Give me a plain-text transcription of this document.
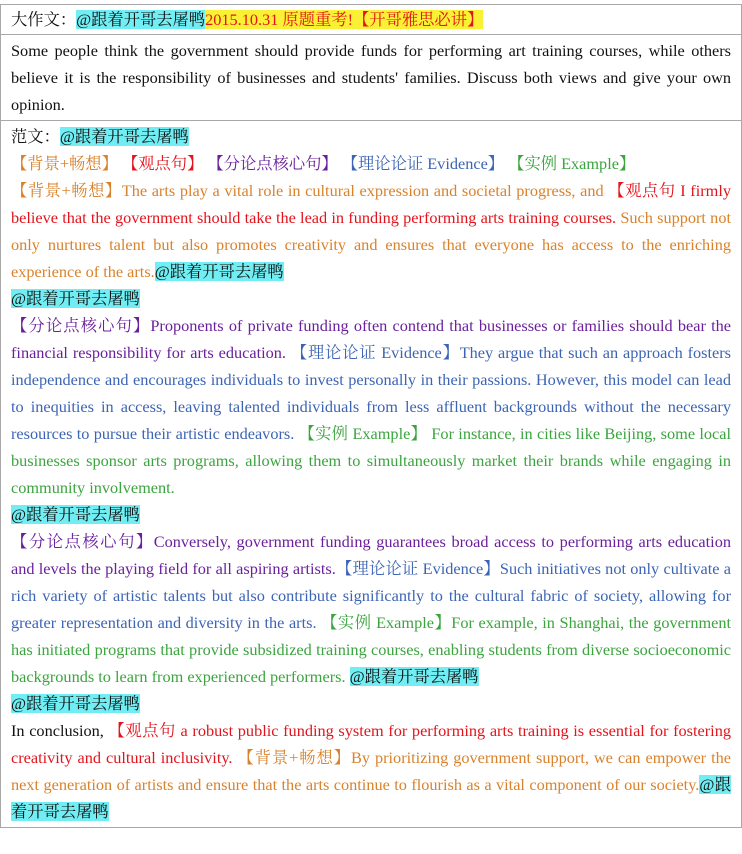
大作文：@跟着开哥去屠鸭2015.10.31 原题重考!【开哥雅思必讲】
Some people think the government should provide funds for performing art training courses, while others believe it is the responsibility of businesses and students' families. Discuss both views and give your own opinion.

范文：@跟着开哥去屠鸭

【背景+畅想】 【观点句】 【分论点核心句】 【理论论证 Evidence】 【实例 Example】

【背景+畅想】The arts play a vital role in cultural expression and societal progress, and 【观点句 I firmly believe that the government should take the lead in funding performing arts training courses. Such support not only nurtures talent but also promotes creativity and ensures that everyone has access to the enriching experience of the arts.@跟着开哥去屠鸭

@跟着开哥去屠鸭

【分论点核心句】Proponents of private funding often contend that businesses or families should bear the financial responsibility for arts education. 【理论论证 Evidence】They argue that such an approach fosters independence and encourages individuals to invest personally in their passions. However, this model can lead to inequities in access, leaving talented individuals from less affluent backgrounds without the necessary resources to pursue their artistic endeavors. 【实例 Example】 For instance, in cities like Beijing, some local businesses sponsor arts programs, allowing them to simultaneously market their brands while engaging in community involvement.

@跟着开哥去屠鸭

【分论点核心句】Conversely, government funding guarantees broad access to performing arts education and levels the playing field for all aspiring artists.【理论论证 Evidence】Such initiatives not only cultivate a rich variety of artistic talents but also contribute significantly to the cultural fabric of society, allowing for greater representation and diversity in the arts. 【实例 Example】For example, in Shanghai, the government has initiated programs that provide subsidized training courses, enabling students from diverse socioeconomic backgrounds to learn from experienced performers. @跟着开哥去屠鸭

@跟着开哥去屠鸭

In conclusion, 【观点句 a robust public funding system for performing arts training is essential for fostering creativity and cultural inclusivity. 【背景+畅想】By prioritizing government support, we can empower the next generation of artists and ensure that the arts continue to flourish as a vital component of our society.@跟着开哥去屠鸭
